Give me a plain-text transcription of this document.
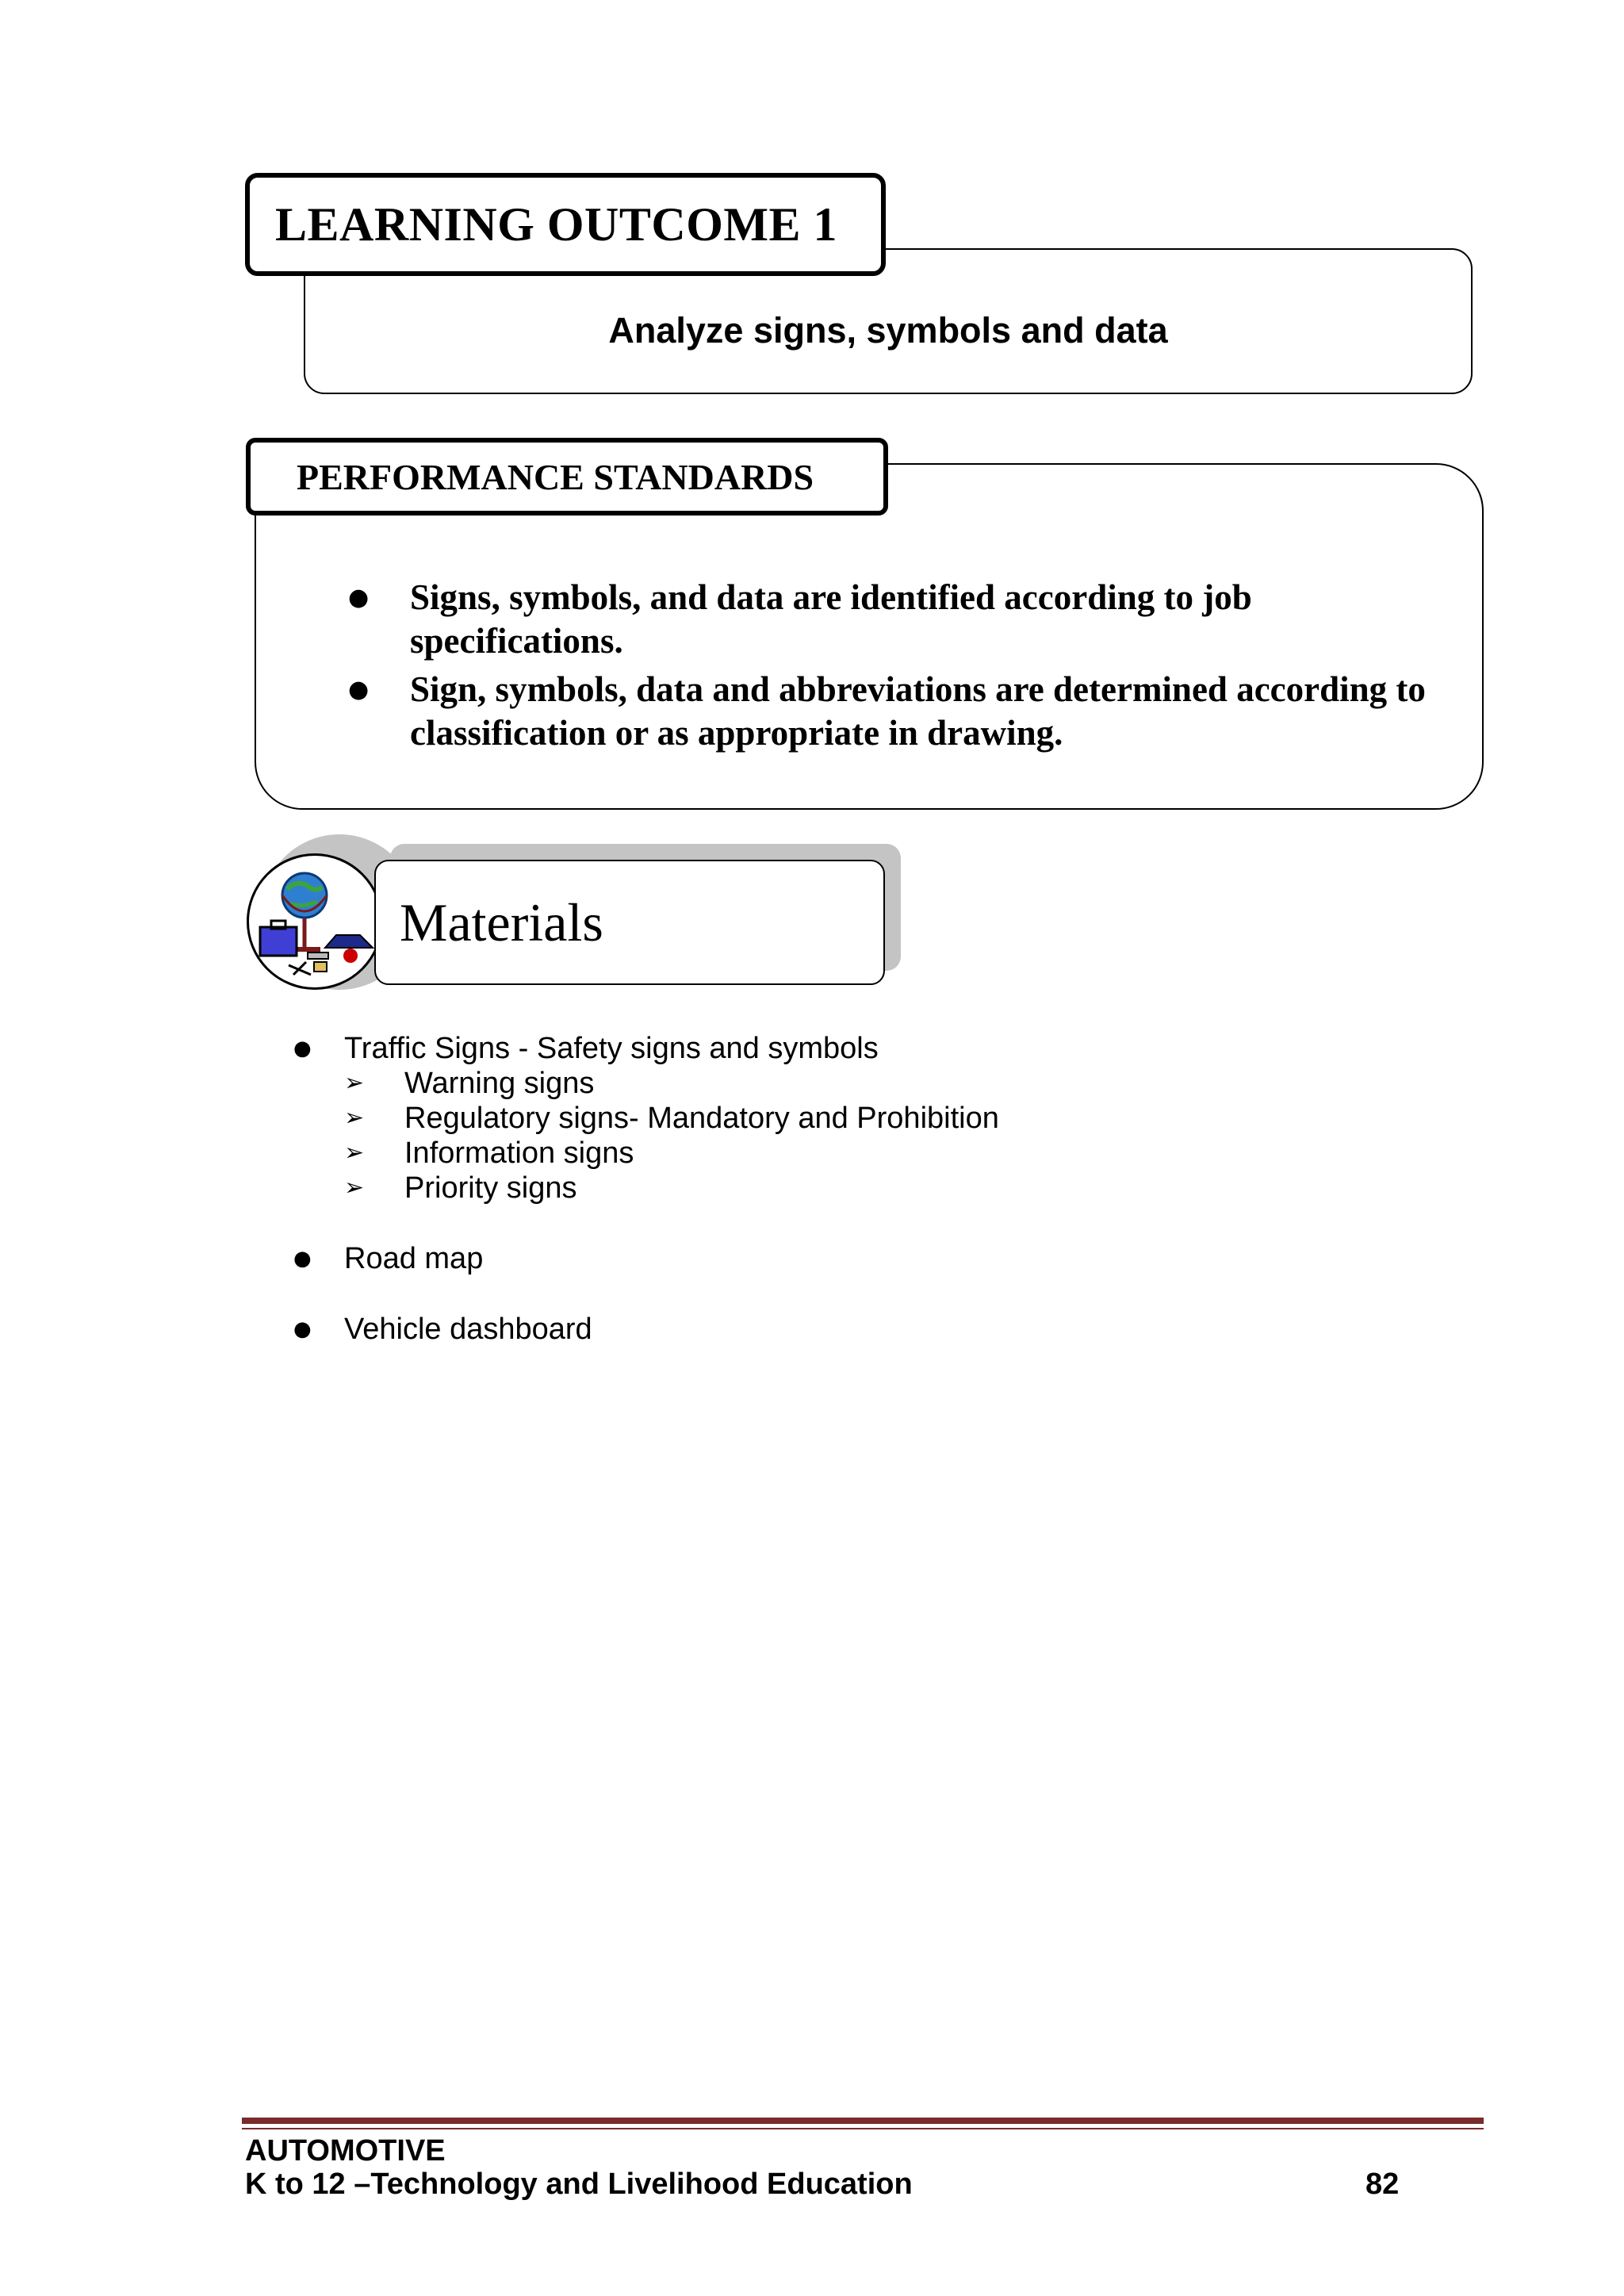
Analyze signs, symbols and data
LEARNING OUTCOME 1
● Signs, symbols, and data are identified according to job specifications.
● Sign, symbols, data and abbreviations are determined according to classification or as appropriate in drawing.
PERFORMANCE STANDARDS
Materials
● Traffic Signs - Safety signs and symbols
➢ Warning signs
➢ Regulatory signs- Mandatory and Prohibition
➢ Information signs
➢ Priority signs
● Road map
● Vehicle dashboard
AUTOMOTIVE
K to 12 –Technology and Livelihood Education	82
